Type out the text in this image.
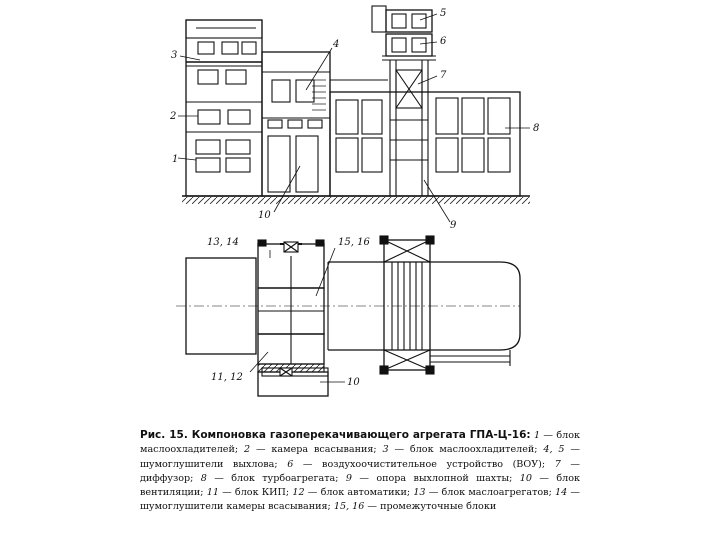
3
2
1
4
5
6
7
8
9
10
13, 14	15, 16
11, 12	10
Рис. 15. Компоновка газоперекачивающего агрегата ГПА-Ц-16: 1 — блок маслоохладителей; 2 — камера всасывания; 3 — блок маслоохладителей; 4, 5 — шумоглушители выхлова; 6 — воздухоочистительное устройство (ВОУ); 7 — диффузор; 8 — блок турбоагрегата; 9 — опора выхлопной шахты; 10 — блок вентиляции; 11 — блок КИП; 12 — блок автоматики; 13 — блок маслоагрегатов; 14 — шумоглушители камеры всасывания; 15, 16 — промежуточные блоки
